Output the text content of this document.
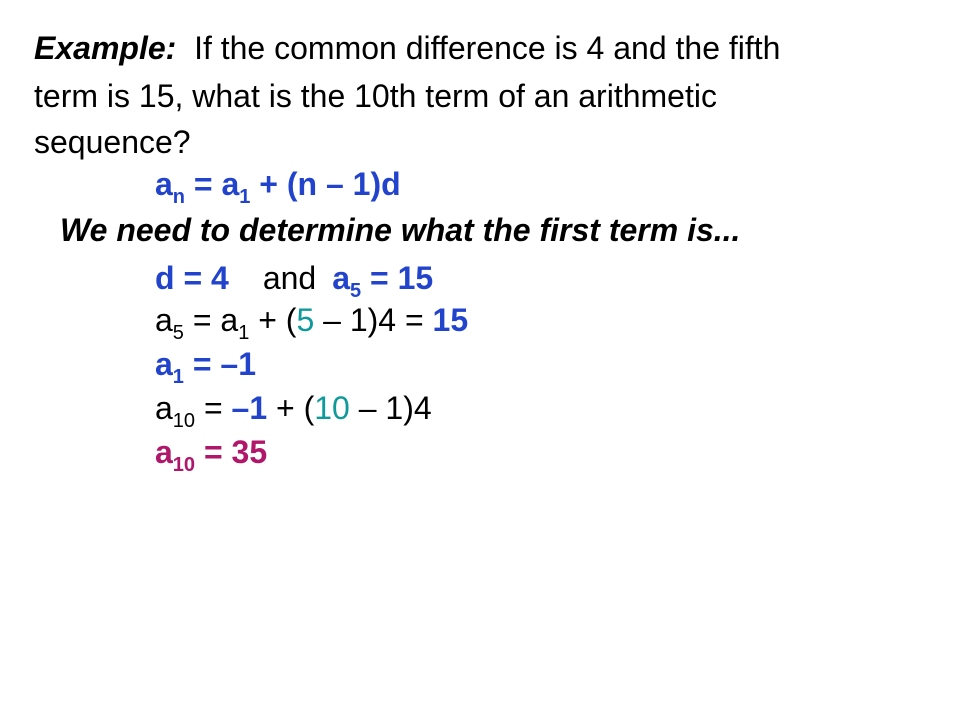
Example: If the common difference is 4 and the fifth
term is 15, what is the 10th term of an arithmetic
sequence?
$a_n = a_1 + (n - 1)d$
We need to determine what the first term is...
d = 4 and $a_5 = 15$
$a_5 = a_1 + (5 - 1)4 = 15$
$a_1 = -1$
$a_{10} = -1 + (10 - 1)4$
$a_{10} = 35$
